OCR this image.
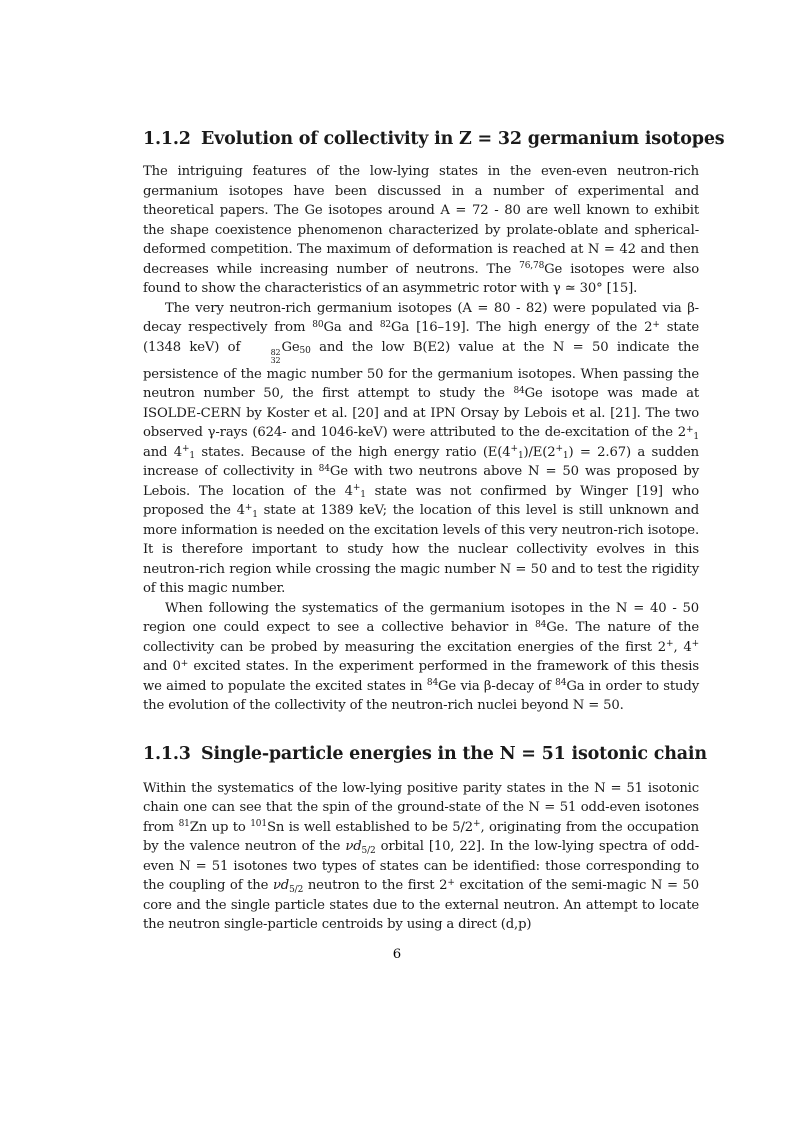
1.1.2 Evolution of collectivity in Z = 32 germanium isotopes

The intriguing features of the low-lying states in the even-even neutron-rich germanium isotopes have been discussed in a number of experimental and theoretical papers. The Ge isotopes around A = 72 - 80 are well known to exhibit the shape coexistence phenomenon characterized by prolate-oblate and spherical-deformed competition. The maximum of deformation is reached at N = 42 and then decreases while increasing number of neutrons. The $^{76,78}$Ge isotopes were also found to show the characteristics of an asymmetric rotor with γ ≃ 30° [15].

The very neutron-rich germanium isotopes (A = 80 - 82) were populated via β-decay respectively from $^{80}$Ga and $^{82}$Ga [16–19]. The high energy of the 2+ state (1348 keV) of	82
32
$Ge_{50}$ and the low B(E2) value at the N = 50 indicate the persistence of the magic number 50 for the germanium isotopes. When passing the neutron number 50, the first attempt to study the $^{84}$Ge isotope was made at ISOLDE-CERN by Koster et al. [20] and at IPN Orsay by Lebois et al. [21]. The two observed γ-rays (624- and 1046-keV) were attributed to the de-excitation of the $2^+_1$ and $4^+_1$ states. Because of the high energy ratio $(E(4^+_1)/E(2^+_1) = 2.67)$ a sudden increase of collectivity in $^{84}$Ge with two neutrons above N = 50 was proposed by Lebois. The location of the $4^+_1$ state was not confirmed by Winger [19] who proposed the $4^+_1$ state at 1389 keV; the location of this level is still unknown and more information is needed on the excitation levels of this very neutron-rich isotope. It is therefore important to study how the nuclear collectivity evolves in this neutron-rich region while crossing the magic number N = 50 and to test the rigidity of this magic number.

When following the systematics of the germanium isotopes in the N = 40 - 50 region one could expect to see a collective behavior in $^{84}$Ge. The nature of the collectivity can be probed by measuring the excitation energies of the first 2+, 4+ and 0+ excited states. In the experiment performed in the framework of this thesis we aimed to populate the excited states in $^{84}$Ge via β-decay of $^{84}$Ga in order to study the evolution of the collectivity of the neutron-rich nuclei beyond N = 50.

1.1.3 Single-particle energies in the N = 51 isotonic chain

Within the systematics of the low-lying positive parity states in the N = 51 isotonic chain one can see that the spin of the ground-state of the N = 51 odd-even isotones from $^{81}$Zn up to $^{101}$Sn is well established to be 5/2+, originating from the occupation by the valence neutron of the $\nu d_{5/2}$ orbital [10, 22]. In the low-lying spectra of odd-even N = 51 isotones two types of states can be identified: those corresponding to the coupling of the $\nu d_{5/2}$ neutron to the first 2+ excitation of the semi-magic N = 50 core and the single particle states due to the external neutron. An attempt to locate the neutron single-particle centroids by using a direct (d,p)

6
